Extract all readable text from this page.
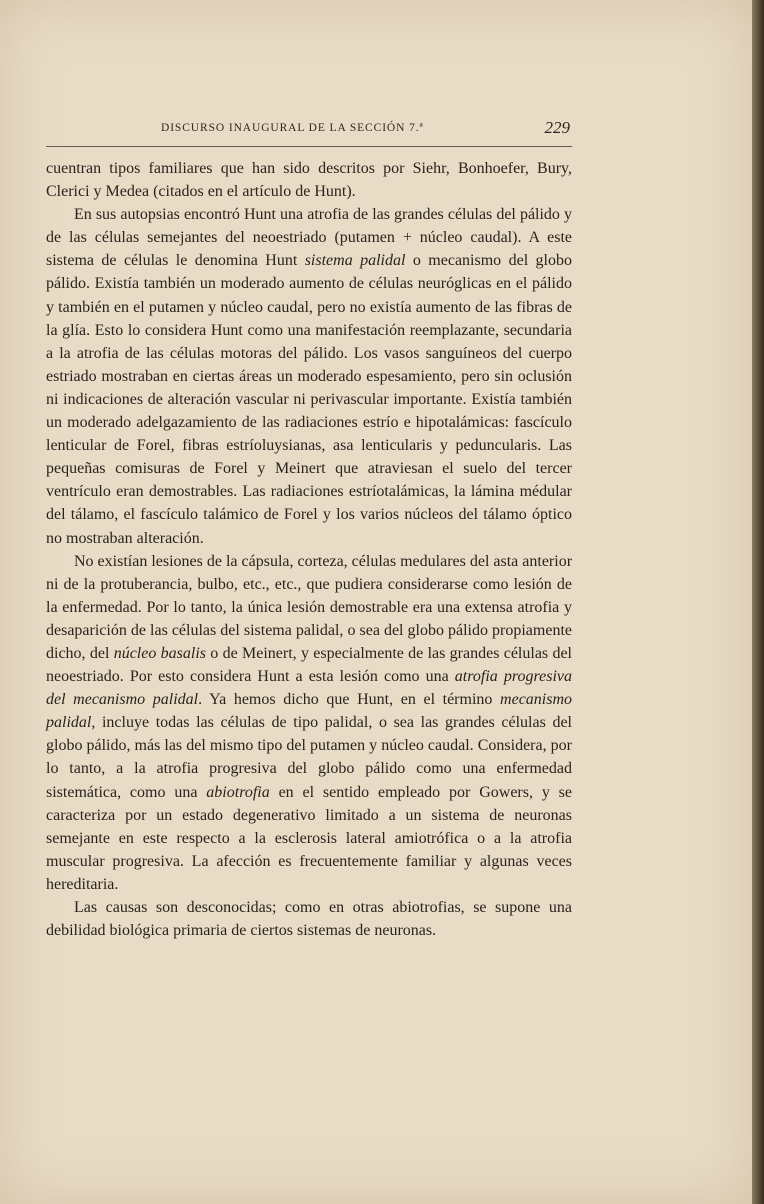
DISCURSO INAUGURAL DE LA SECCIÓN 7.ª	229

cuentran tipos familiares que han sido descritos por Siehr, Bonhoefer, Bury, Clerici y Medea (citados en el artículo de Hunt).

En sus autopsias encontró Hunt una atrofia de las grandes células del pálido y de las células semejantes del neoestriado (putamen + núcleo caudal). A este sistema de células le denomina Hunt sistema palidal o mecanismo del globo pálido. Existía también un moderado aumento de células neuróglicas en el pálido y también en el putamen y núcleo caudal, pero no existía aumento de las fibras de la glía. Esto lo considera Hunt como una manifestación reemplazante, secundaria a la atrofia de las células motoras del pálido. Los vasos sanguíneos del cuerpo estriado mostraban en ciertas áreas un moderado espesamiento, pero sin oclusión ni indicaciones de alteración vascular ni perivascular importante. Existía también un moderado adelgazamiento de las radiaciones estrío e hipotalámicas: fascículo lenticular de Forel, fibras estríoluysianas, asa lenticularis y peduncularis. Las pequeñas comisuras de Forel y Meinert que atraviesan el suelo del tercer ventrículo eran demostrables. Las radiaciones estríotalámicas, la lámina médular del tálamo, el fascículo talámico de Forel y los varios núcleos del tálamo óptico no mostraban alteración.

No existían lesiones de la cápsula, corteza, células medulares del asta anterior ni de la protuberancia, bulbo, etc., etc., que pudiera considerarse como lesión de la enfermedad. Por lo tanto, la única lesión demostrable era una extensa atrofia y desaparición de las células del sistema palidal, o sea del globo pálido propiamente dicho, del núcleo basalis o de Meinert, y especialmente de las grandes células del neoestriado. Por esto considera Hunt a esta lesión como una atrofia progresiva del mecanismo palidal. Ya hemos dicho que Hunt, en el término mecanismo palidal, incluye todas las células de tipo palidal, o sea las grandes células del globo pálido, más las del mismo tipo del putamen y núcleo caudal. Considera, por lo tanto, a la atrofia progresiva del globo pálido como una enfermedad sistemática, como una abiotrofia en el sentido empleado por Gowers, y se caracteriza por un estado degenerativo limitado a un sistema de neuronas semejante en este respecto a la esclerosis lateral amiotrófica o a la atrofia muscular progresiva. La afección es frecuentemente familiar y algunas veces hereditaria.

Las causas son desconocidas; como en otras abiotrofias, se supone una debilidad biológica primaria de ciertos sistemas de neuronas.
